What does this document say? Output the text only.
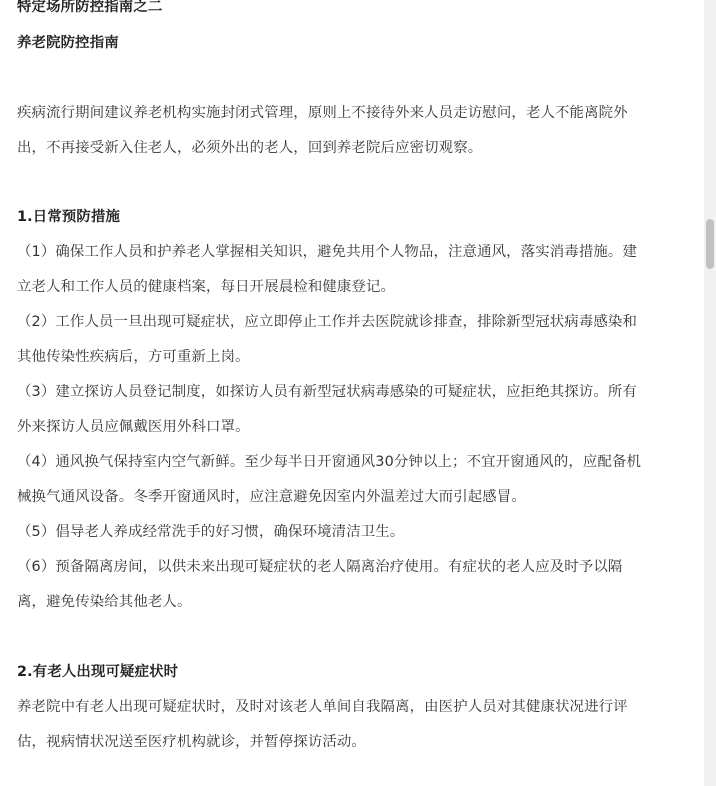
特定场所防控指南之二
养老院防控指南
疾病流行期间建议养老机构实施封闭式管理，原则上不接待外来人员走访慰问，老人不能离院外
出，不再接受新入住老人，必须外出的老人，回到养老院后应密切观察。
1.日常预防措施
（1）确保工作人员和护养老人掌握相关知识，避免共用个人物品，注意通风，落实消毒措施。建
立老人和工作人员的健康档案，每日开展晨检和健康登记。
（2）工作人员一旦出现可疑症状，应立即停止工作并去医院就诊排查，排除新型冠状病毒感染和
其他传染性疾病后，方可重新上岗。
（3）建立探访人员登记制度，如探访人员有新型冠状病毒感染的可疑症状，应拒绝其探访。所有
外来探访人员应佩戴医用外科口罩。
（4）通风换气保持室内空气新鲜。至少每半日开窗通风30分钟以上；不宜开窗通风的，应配备机
械换气通风设备。冬季开窗通风时，应注意避免因室内外温差过大而引起感冒。
（5）倡导老人养成经常洗手的好习惯，确保环境清洁卫生。
（6）预备隔离房间，以供未来出现可疑症状的老人隔离治疗使用。有症状的老人应及时予以隔
离，避免传染给其他老人。
2.有老人出现可疑症状时
养老院中有老人出现可疑症状时，及时对该老人单间自我隔离，由医护人员对其健康状况进行评
估，视病情状况送至医疗机构就诊，并暂停探访活动。
